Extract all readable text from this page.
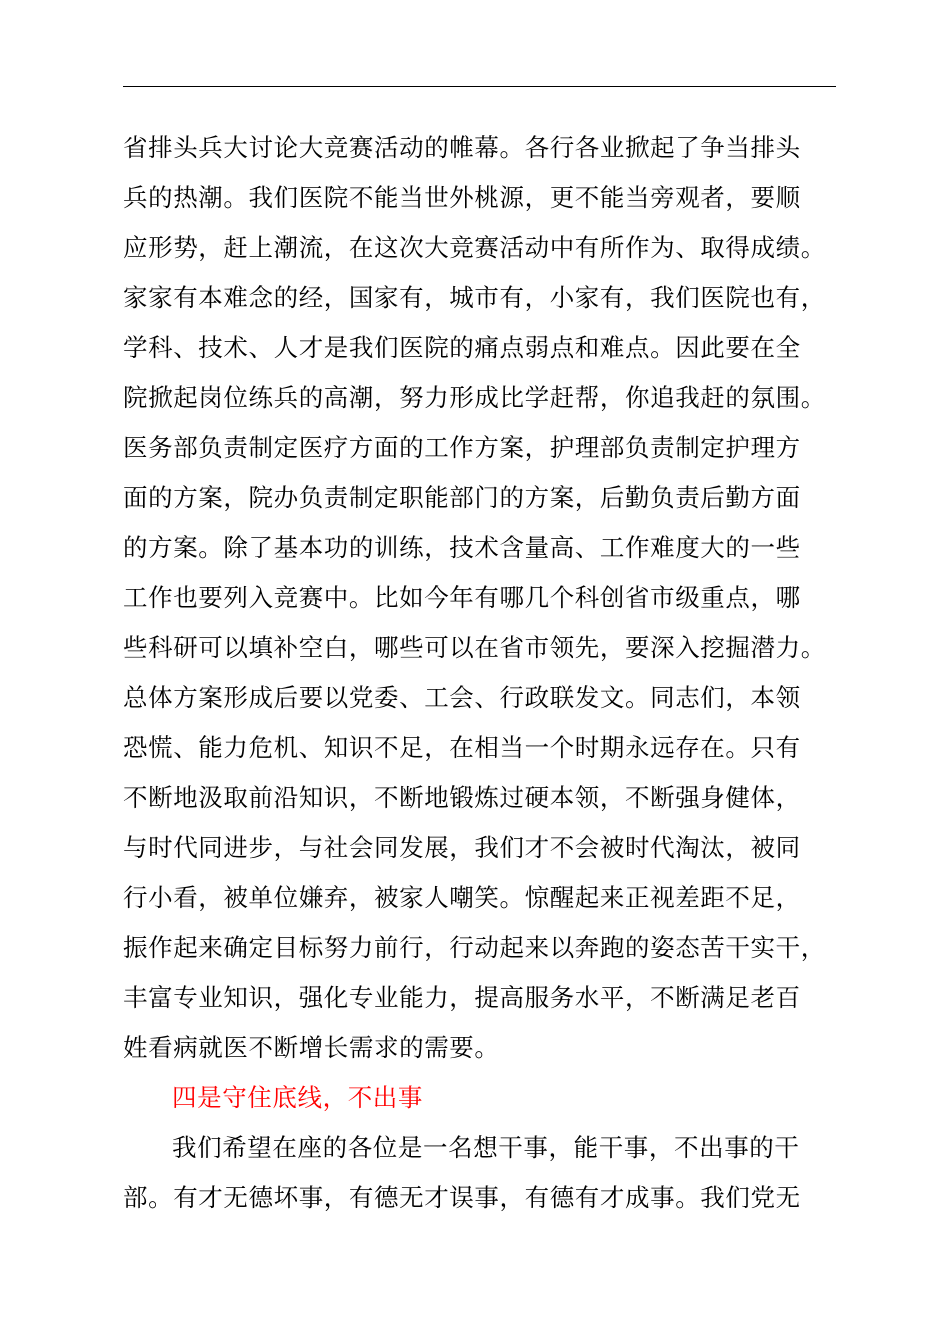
省排头兵大讨论大竞赛活动的帷幕。各行各业掀起了争当排头
兵的热潮。我们医院不能当世外桃源，更不能当旁观者，要顺
应形势，赶上潮流，在这次大竞赛活动中有所作为、取得成绩。
家家有本难念的经，国家有，城市有，小家有，我们医院也有，
学科、技术、人才是我们医院的痛点弱点和难点。因此要在全
院掀起岗位练兵的高潮，努力形成比学赶帮，你追我赶的氛围。
医务部负责制定医疗方面的工作方案，护理部负责制定护理方
面的方案，院办负责制定职能部门的方案，后勤负责后勤方面
的方案。除了基本功的训练，技术含量高、工作难度大的一些
工作也要列入竞赛中。比如今年有哪几个科创省市级重点，哪
些科研可以填补空白，哪些可以在省市领先，要深入挖掘潜力。
总体方案形成后要以党委、工会、行政联发文。同志们，本领
恐慌、能力危机、知识不足，在相当一个时期永远存在。只有
不断地汲取前沿知识，不断地锻炼过硬本领，不断强身健体，
与时代同进步，与社会同发展，我们才不会被时代淘汰，被同
行小看，被单位嫌弃，被家人嘲笑。惊醒起来正视差距不足，
振作起来确定目标努力前行，行动起来以奔跑的姿态苦干实干，
丰富专业知识，强化专业能力，提高服务水平，不断满足老百
姓看病就医不断增长需求的需要。
四是守住底线，不出事
我们希望在座的各位是一名想干事，能干事，不出事的干
部。有才无德坏事，有德无才误事，有德有才成事。我们党无
